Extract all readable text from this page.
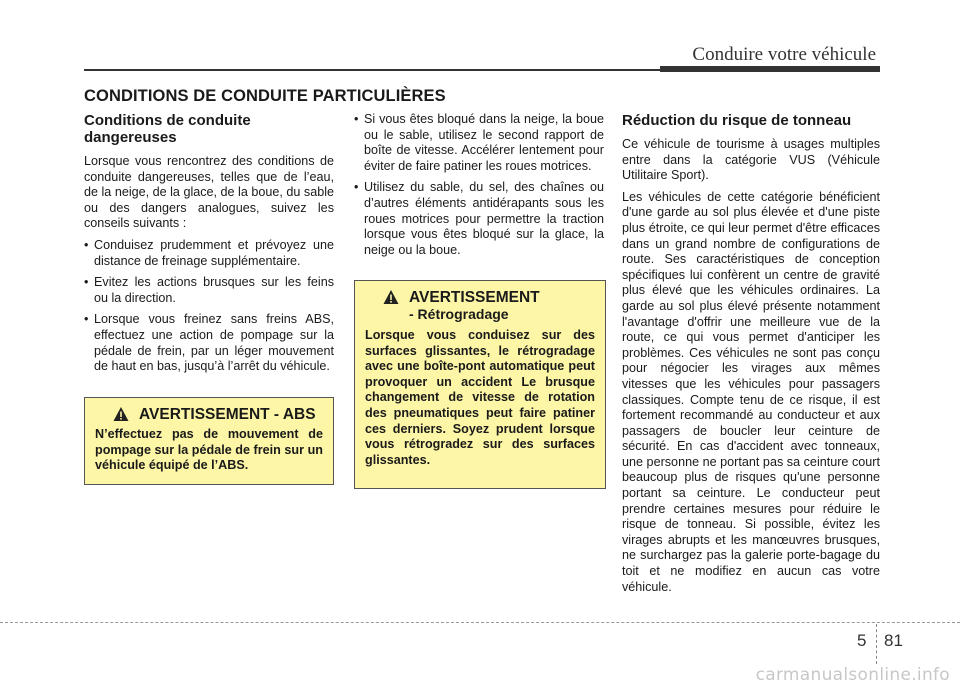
Conduire votre véhicule
CONDITIONS DE CONDUITE PARTICULIÈRES
Conditions de conduite dangereuses

Lorsque vous rencontrez des conditions de conduite dangereuses, telles que de l’eau, de la neige, de la glace, de la boue, du sable ou des dangers analogues, suivez les conseils suivants :

• Conduisez prudemment et prévoyez une distance de freinage supplémentaire.
• Evitez les actions brusques sur les feins ou la direction.
• Lorsque vous freinez sans freins ABS, effectuez une action de pompage sur la pédale de frein, par un léger mouvement de haut en bas, jusqu’à l’arrêt du véhicule.
• Si vous êtes bloqué dans la neige, la boue ou le sable, utilisez le second rapport de boîte de vitesse. Accélérer lentement pour éviter de faire patiner les roues motrices.
• Utilisez du sable, du sel, des chaînes ou d’autres éléments antidérapants sous les roues motrices pour permettre la traction lorsque vous êtes bloqué sur la glace, la neige ou la boue.
AVERTISSEMENT - ABS
N’effectuez pas de mouvement de pompage sur la pédale de frein sur un véhicule équipé de l’ABS.
AVERTISSEMENT
- Rétrogradage
Lorsque vous conduisez sur des surfaces glissantes, le rétrogradage avec une boîte-pont automatique peut provoquer un accident Le brusque changement de vitesse de rotation des pneumatiques peut faire patiner ces derniers. Soyez prudent lorsque vous rétrogradez sur des surfaces glissantes.
Réduction du risque de tonneau

Ce véhicule de tourisme à usages multiples entre dans la catégorie VUS (Véhicule Utilitaire Sport).

Les véhicules de cette catégorie bénéficient d'une garde au sol plus élevée et d'une piste plus étroite, ce qui leur permet d'être efficaces dans un grand nombre de configurations de route. Ses caractéristiques de conception spécifiques lui confèrent un centre de gravité plus élevé que les véhicules ordinaires. La garde au sol plus élevé présente notamment l'avantage d'offrir une meilleure vue de la route, ce qui vous permet d'anticiper les problèmes. Ces véhicules ne sont pas conçu pour négocier les virages aux mêmes vitesses que les véhicules pour passagers classiques. Compte tenu de ce risque, il est fortement recommandé au conducteur et aux passagers de boucler leur ceinture de sécurité. En cas d'accident avec tonneaux, une personne ne portant pas sa ceinture court beaucoup plus de risques qu'une personne portant sa ceinture. Le conducteur peut prendre certaines mesures pour réduire le risque de tonneau. Si possible, évitez les virages abrupts et les manœuvres brusques, ne surchargez pas la galerie porte-bagage du toit et ne modifiez en aucun cas votre véhicule.

5 81
carmanualsonline.info
